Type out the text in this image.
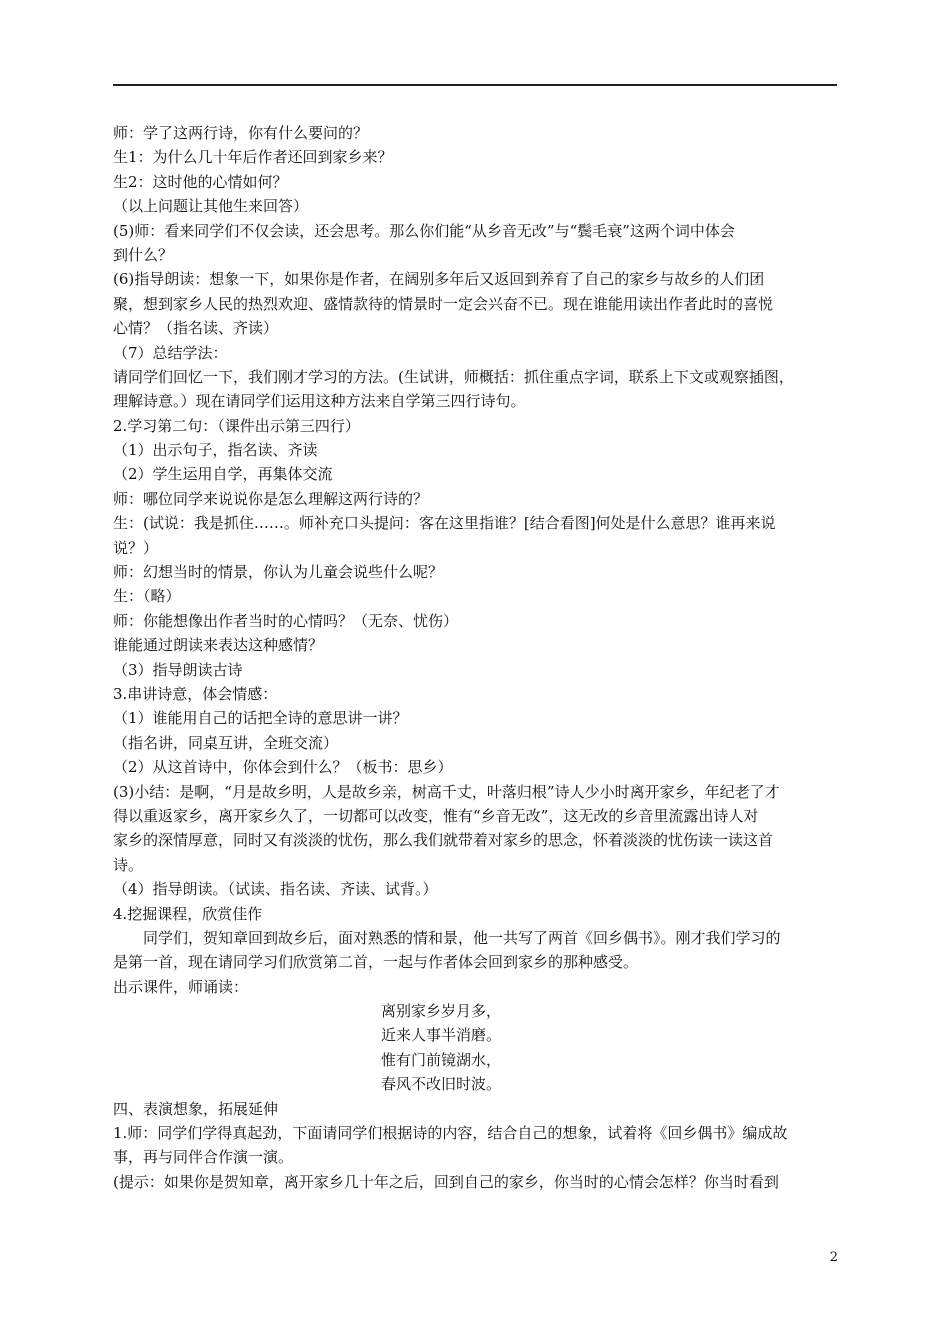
师：学了这两行诗，你有什么要问的？
生1：为什么几十年后作者还回到家乡来？
生2：这时他的心情如何？
（以上问题让其他生来回答）
(5)师：看来同学们不仅会读，还会思考。那么你们能“从乡音无改”与“鬓毛衰”这两个词中体会
到什么？
(6)指导朗读：想象一下，如果你是作者，在阔别多年后又返回到养育了自己的家乡与故乡的人们团
聚，想到家乡人民的热烈欢迎、盛情款待的情景时一定会兴奋不已。现在谁能用读出作者此时的喜悦
心情？（指名读、齐读）
（7）总结学法：
请同学们回忆一下，我们刚才学习的方法。(生试讲，师概括：抓住重点字词，联系上下文或观察插图，
理解诗意。）现在请同学们运用这种方法来自学第三四行诗句。
2.学习第二句：（课件出示第三四行）
（1）出示句子，指名读、齐读
（2）学生运用自学，再集体交流
师：哪位同学来说说你是怎么理解这两行诗的？
生：(试说：我是抓住……。师补充口头提问：客在这里指谁？[结合看图]何处是什么意思？谁再来说
说？）
师：幻想当时的情景，你认为儿童会说些什么呢？
生：（略）
师：你能想像出作者当时的心情吗？（无奈、忧伤）
谁能通过朗读来表达这种感情？
（3）指导朗读古诗
3.串讲诗意，体会情感：
（1）谁能用自己的话把全诗的意思讲一讲？
（指名讲，同桌互讲，全班交流）
（2）从这首诗中，你体会到什么？（板书：思乡）
(3)小结：是啊，“月是故乡明，人是故乡亲，树高千丈，叶落归根”诗人少小时离开家乡，年纪老了才
得以重返家乡，离开家乡久了，一切都可以改变，惟有“乡音无改”，这无改的乡音里流露出诗人对
家乡的深情厚意，同时又有淡淡的忧伤，那么我们就带着对家乡的思念，怀着淡淡的忧伤读一读这首
诗。
（4）指导朗读。（试读、指名读、齐读、试背。）
4.挖掘课程，欣赏佳作
同学们，贺知章回到故乡后，面对熟悉的情和景，他一共写了两首《回乡偶书》。刚才我们学习的
是第一首，现在请同学习们欣赏第二首，一起与作者体会回到家乡的那种感受。
出示课件，师诵读：
离别家乡岁月多，
近来人事半消磨。
惟有门前镜湖水，
春风不改旧时波。
四、表演想象，拓展延伸
1.师：同学们学得真起劲，下面请同学们根据诗的内容，结合自己的想象，试着将《回乡偶书》编成故
事，再与同伴合作演一演。
(提示：如果你是贺知章，离开家乡几十年之后，回到自己的家乡，你当时的心情会怎样？你当时看到
2
